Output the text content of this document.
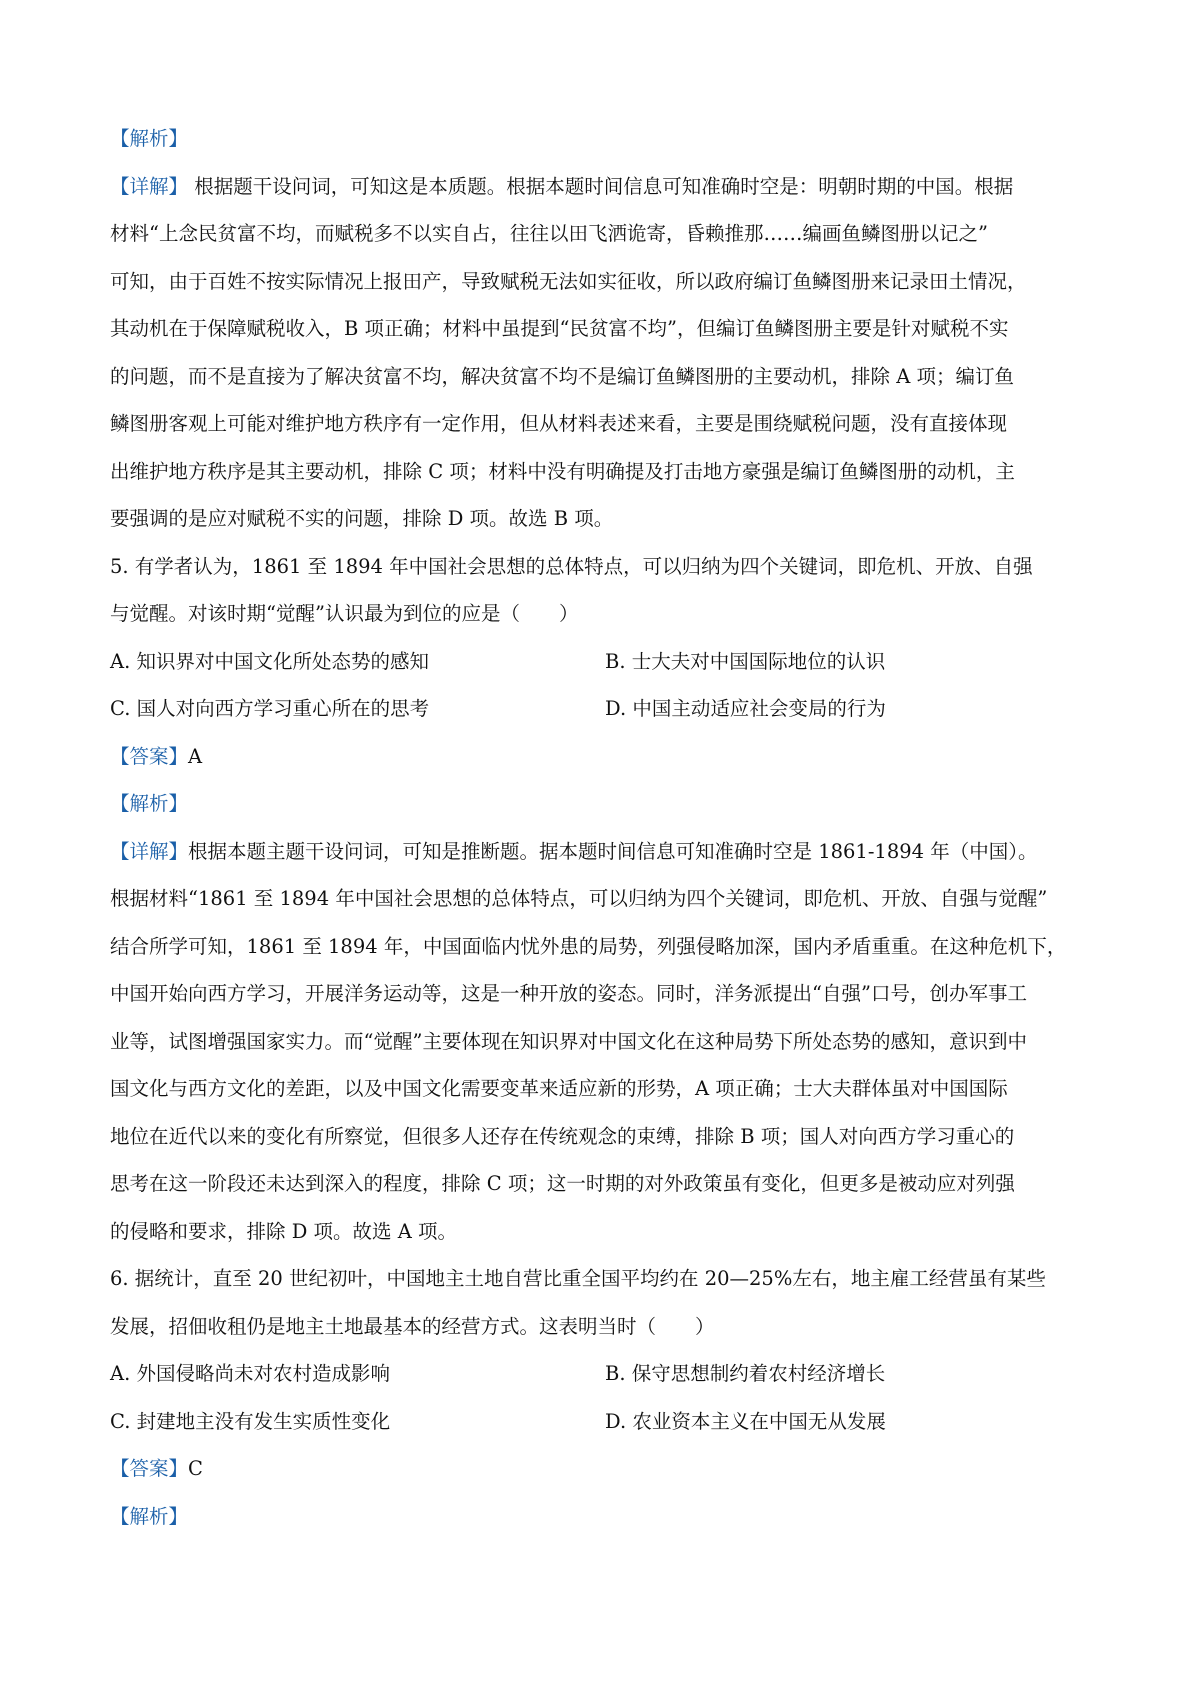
【解析】
【详解】 根据题干设问词，可知这是本质题。根据本题时间信息可知准确时空是：明朝时期的中国。根据
材料“上念民贫富不均，而赋税多不以实自占，往往以田飞洒诡寄，昏赖推那……编画鱼鳞图册以记之”
可知，由于百姓不按实际情况上报田产，导致赋税无法如实征收，所以政府编订鱼鳞图册来记录田土情况，
其动机在于保障赋税收入，B 项正确；材料中虽提到“民贫富不均”，但编订鱼鳞图册主要是针对赋税不实
的问题，而不是直接为了解决贫富不均，解决贫富不均不是编订鱼鳞图册的主要动机，排除 A 项；编订鱼
鳞图册客观上可能对维护地方秩序有一定作用，但从材料表述来看，主要是围绕赋税问题，没有直接体现
出维护地方秩序是其主要动机，排除 C 项；材料中没有明确提及打击地方豪强是编订鱼鳞图册的动机，主
要强调的是应对赋税不实的问题，排除 D 项。故选 B 项。
5. 有学者认为，1861 至 1894 年中国社会思想的总体特点，可以归纳为四个关键词，即危机、开放、自强
与觉醒。对该时期“觉醒”认识最为到位的应是（　　）
A. 知识界对中国文化所处态势的感知	B. 士大夫对中国国际地位的认识
C. 国人对向西方学习重心所在的思考	D. 中国主动适应社会变局的行为
【答案】A
【解析】
【详解】根据本题主题干设问词，可知是推断题。据本题时间信息可知准确时空是 1861-1894 年（中国）。
根据材料“1861 至 1894 年中国社会思想的总体特点，可以归纳为四个关键词，即危机、开放、自强与觉醒”
结合所学可知，1861 至 1894 年，中国面临内忧外患的局势，列强侵略加深，国内矛盾重重。在这种危机下，
中国开始向西方学习，开展洋务运动等，这是一种开放的姿态。同时，洋务派提出“自强”口号，创办军事工
业等，试图增强国家实力。而“觉醒”主要体现在知识界对中国文化在这种局势下所处态势的感知，意识到中
国文化与西方文化的差距，以及中国文化需要变革来适应新的形势，A 项正确；士大夫群体虽对中国国际
地位在近代以来的变化有所察觉，但很多人还存在传统观念的束缚，排除 B 项；国人对向西方学习重心的
思考在这一阶段还未达到深入的程度，排除 C 项；这一时期的对外政策虽有变化，但更多是被动应对列强
的侵略和要求，排除 D 项。故选 A 项。
6. 据统计，直至 20 世纪初叶，中国地主土地自营比重全国平均约在 20—25%左右，地主雇工经营虽有某些
发展，招佃收租仍是地主土地最基本的经营方式。这表明当时（　　）
A. 外国侵略尚未对农村造成影响	B. 保守思想制约着农村经济增长
C. 封建地主没有发生实质性变化	D. 农业资本主义在中国无从发展
【答案】C
【解析】
